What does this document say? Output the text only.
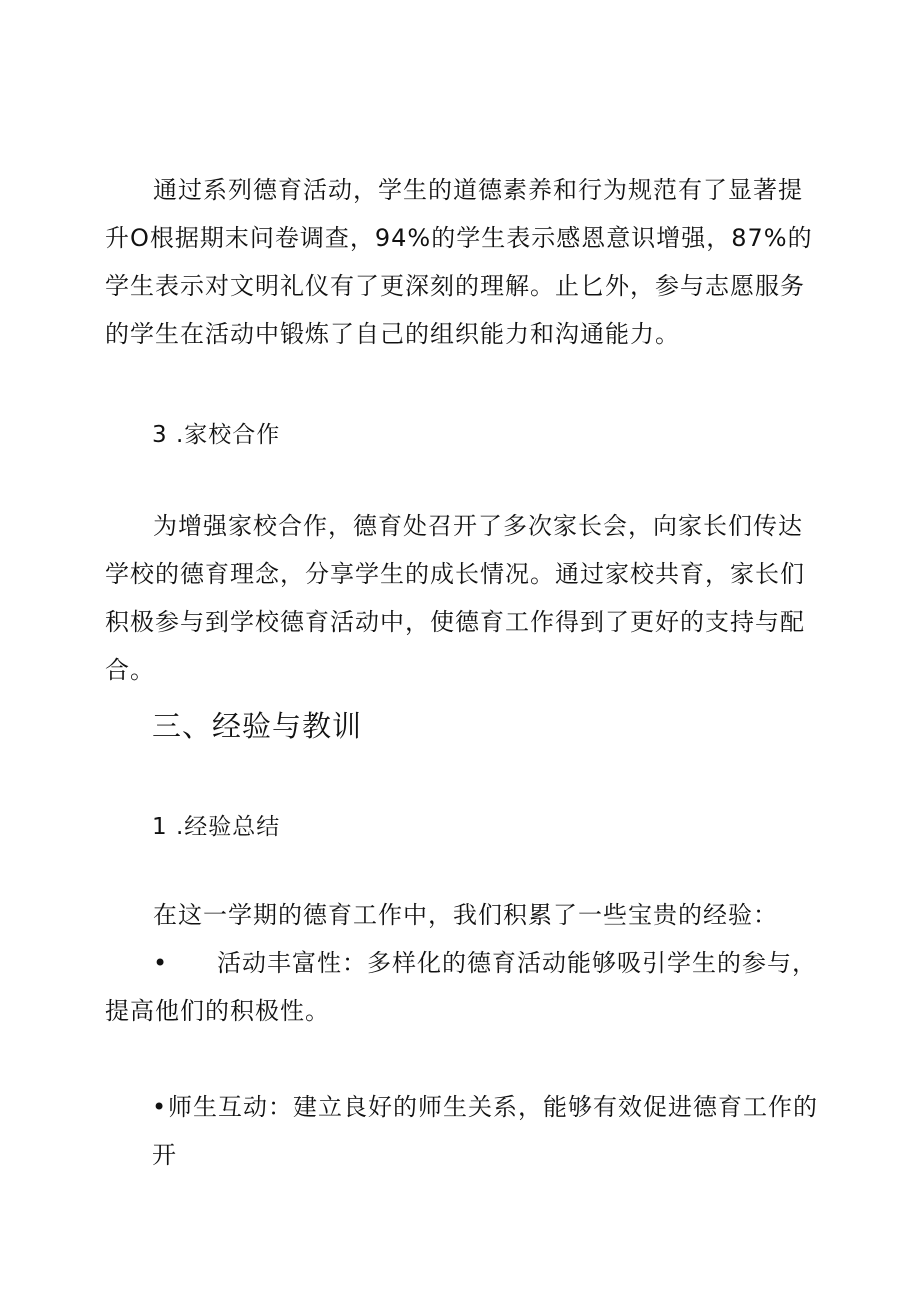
通过系列德育活动，学生的道德素养和行为规范有了显著提升O根据期末问卷调查，94%的学生表示感恩意识增强，87%的学生表示对文明礼仪有了更深刻的理解。止匕外，参与志愿服务的学生在活动中锻炼了自己的组织能力和沟通能力。

3 .家校合作

为增强家校合作，德育处召开了多次家长会，向家长们传达学校的德育理念，分享学生的成长情况。通过家校共育，家长们积极参与到学校德育活动中，使德育工作得到了更好的支持与配合。

三、经验与教训
1 .经验总结

在这一学期的德育工作中，我们积累了一些宝贵的经验：

• 活动丰富性：多样化的德育活动能够吸引学生的参与，提高他们的积极性。

•师生互动：建立良好的师生关系，能够有效促进德育工作的开
